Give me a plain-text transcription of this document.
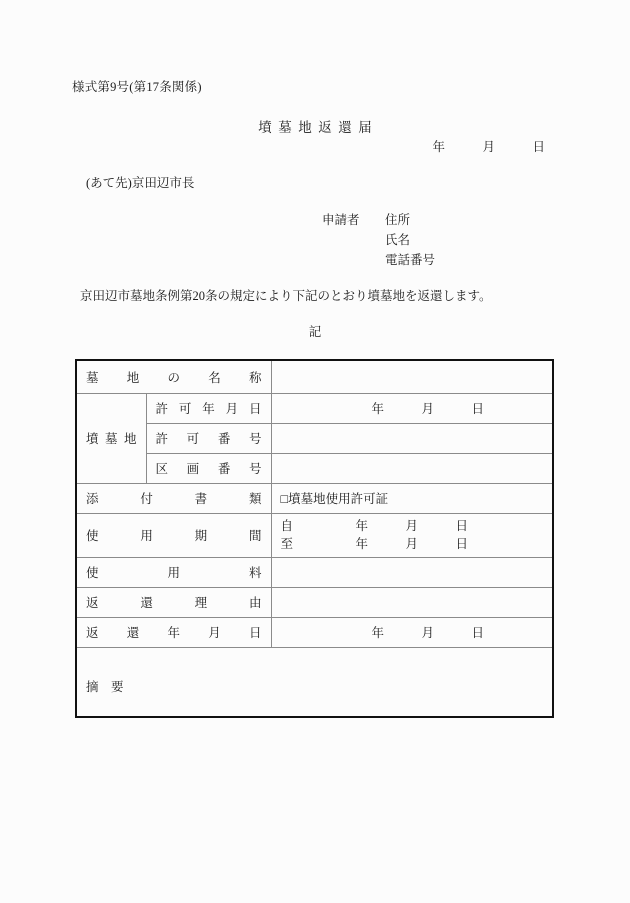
様式第9号(第17条関係)
墳墓地返還届
年　　　月　　　日
(あて先)京田辺市長
申請者 住所
氏名
電話番号
京田辺市墓地条例第20条の規定により下記のとおり墳墓地を返還します。
記
墓地の名称		

墳墓地	許可年月日	年　　　月　　　日

	許可番号	

	区画番号	

添付書類		□墳墓地使用許可証

使用期間		自　　　　　年　　　月　　　日
至　　　　　年　　　月　　　日

使用料		

返還理由		

返還年月日		年　　　月　　　日

摘　要		
